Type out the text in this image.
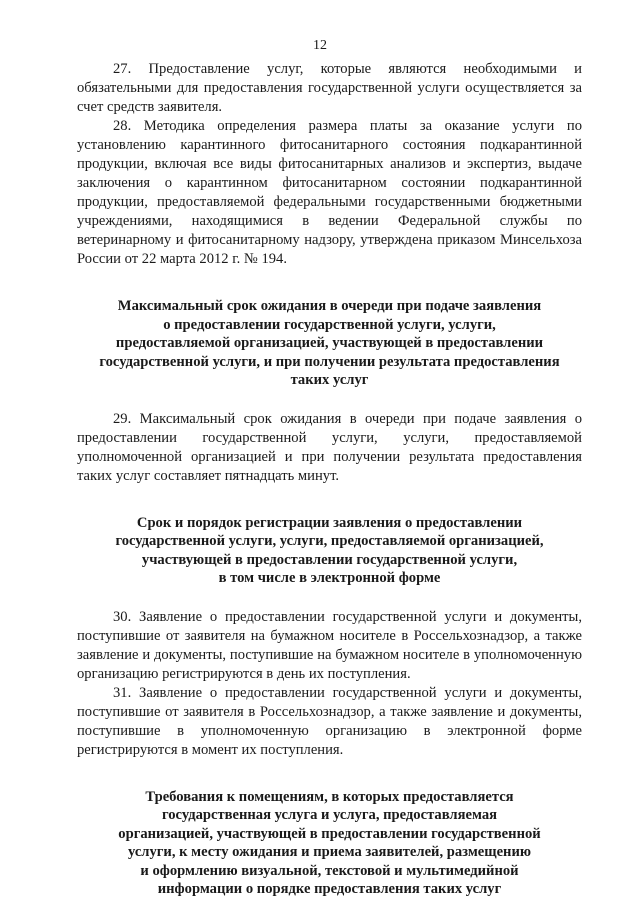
12

27. Предоставление услуг, которые являются необходимыми и обязательными для предоставления государственной услуги осуществляется за счет средств заявителя.

28. Методика определения размера платы за оказание услуги по установлению карантинного фитосанитарного состояния подкарантинной продукции, включая все виды фитосанитарных анализов и экспертиз, выдаче заключения о карантинном фитосанитарном состоянии подкарантинной продукции, предоставляемой федеральными государственными бюджетными учреждениями, находящимися в ведении Федеральной службы по ветеринарному и фитосанитарному надзору, утверждена приказом Минсельхоза России от 22 марта 2012 г. № 194.

Максимальный срок ожидания в очереди при подаче заявления

о предоставлении государственной услуги, услуги,

предоставляемой организацией, участвующей в предоставлении

государственной услуги, и при получении результата предоставления

таких услуг

29. Максимальный срок ожидания в очереди при подаче заявления о предоставлении государственной услуги, услуги, предоставляемой уполномоченной организацией и при получении результата предоставления таких услуг составляет пятнадцать минут.

Срок и порядок регистрации заявления о предоставлении

государственной услуги, услуги, предоставляемой организацией,

участвующей в предоставлении государственной услуги,

в том числе в электронной форме

30. Заявление о предоставлении государственной услуги и документы, поступившие от заявителя на бумажном носителе в Россельхознадзор, а также заявление и документы, поступившие на бумажном носителе в уполномоченную организацию регистрируются в день их поступления.

31. Заявление о предоставлении государственной услуги и документы, поступившие от заявителя в Россельхознадзор, а также заявление и документы, поступившие в уполномоченную организацию в электронной форме регистрируются в момент их поступления.

Требования к помещениям, в которых предоставляется

государственная услуга и услуга, предоставляемая

организацией, участвующей в предоставлении государственной

услуги, к месту ожидания и приема заявителей, размещению

и оформлению визуальной, текстовой и мультимедийной

информации о порядке предоставления таких услуг
